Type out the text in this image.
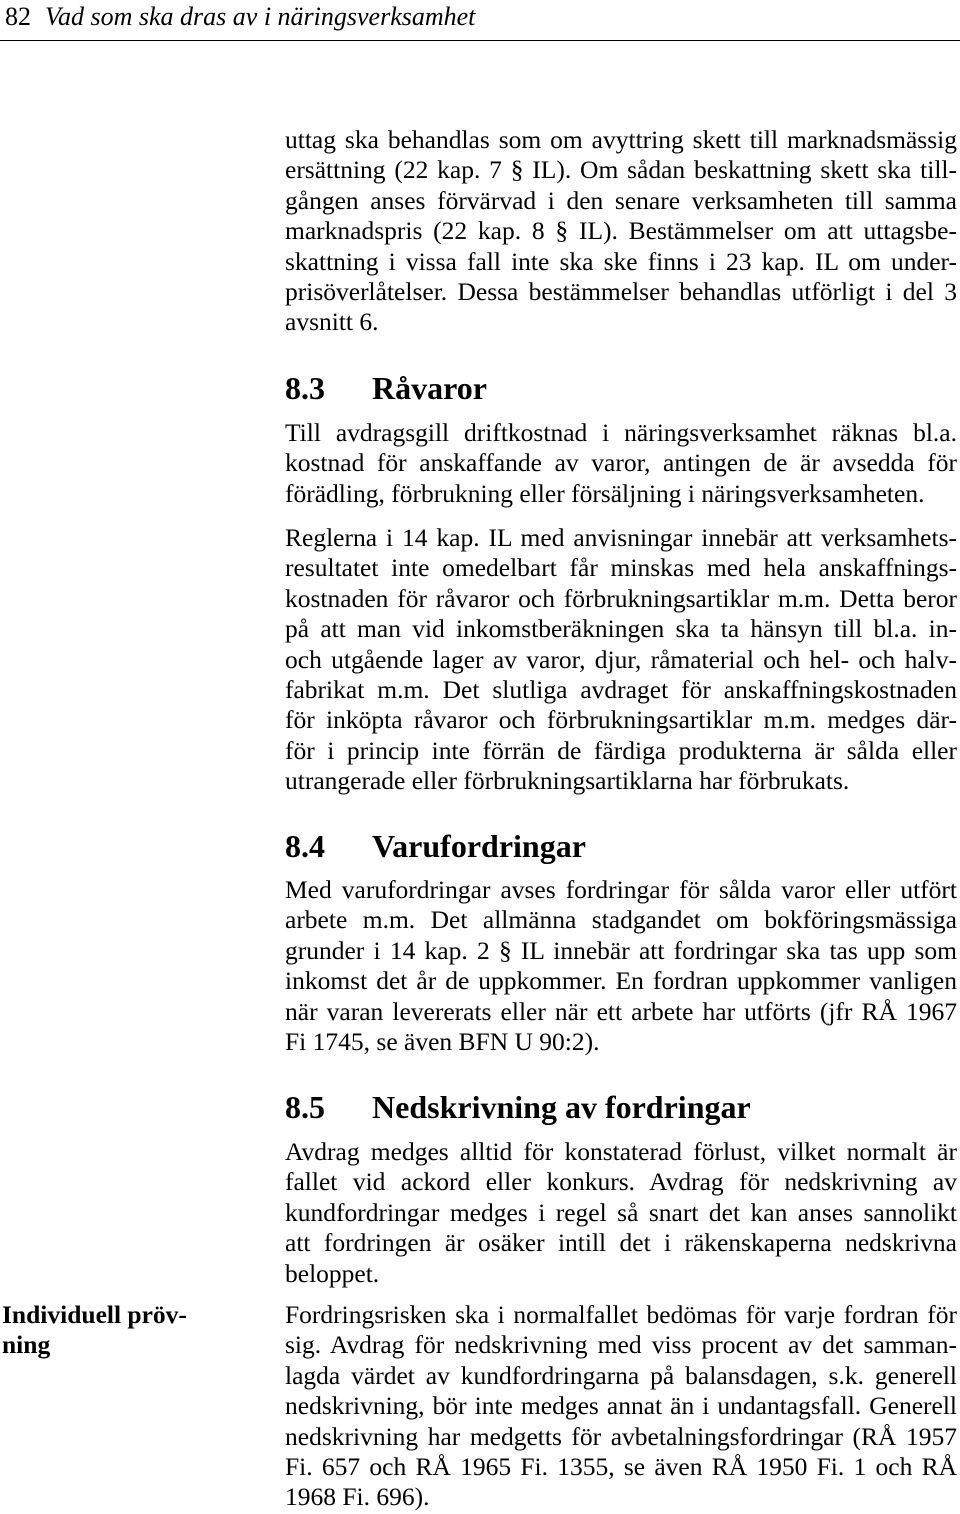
82 Vad som ska dras av i näringsverksamhet
uttag ska behandlas som om avyttring skett till marknadsmässig
ersättning (22 kap. 7 § IL). Om sådan beskattning skett ska till-
gången anses förvärvad i den senare verksamheten till samma
marknadspris (22 kap. 8 § IL). Bestämmelser om att uttagsbe-
skattning i vissa fall inte ska ske finns i 23 kap. IL om under-
prisöverlåtelser. Dessa bestämmelser behandlas utförligt i del 3
avsnitt 6.
8.3 Råvaror
Till avdragsgill driftkostnad i näringsverksamhet räknas bl.a.
kostnad för anskaffande av varor, antingen de är avsedda för
förädling, förbrukning eller försäljning i näringsverksamheten.
Reglerna i 14 kap. IL med anvisningar innebär att verksamhets-
resultatet inte omedelbart får minskas med hela anskaffnings-
kostnaden för råvaror och förbrukningsartiklar m.m. Detta beror
på att man vid inkomstberäkningen ska ta hänsyn till bl.a. in-
och utgående lager av varor, djur, råmaterial och hel- och halv-
fabrikat m.m. Det slutliga avdraget för anskaffningskostnaden
för inköpta råvaror och förbrukningsartiklar m.m. medges där-
för i princip inte förrän de färdiga produkterna är sålda eller
utrangerade eller förbrukningsartiklarna har förbrukats.
8.4 Varufordringar
Med varufordringar avses fordringar för sålda varor eller utfört
arbete m.m. Det allmänna stadgandet om bokföringsmässiga
grunder i 14 kap. 2 § IL innebär att fordringar ska tas upp som
inkomst det år de uppkommer. En fordran uppkommer vanligen
när varan levererats eller när ett arbete har utförts (jfr RÅ 1967
Fi 1745, se även BFN U 90:2).
8.5 Nedskrivning av fordringar
Avdrag medges alltid för konstaterad förlust, vilket normalt är
fallet vid ackord eller konkurs. Avdrag för nedskrivning av
kundfordringar medges i regel så snart det kan anses sannolikt
att fordringen är osäker intill det i räkenskaperna nedskrivna
beloppet.
Individuell pröv-
ning
Fordringsrisken ska i normalfallet bedömas för varje fordran för
sig. Avdrag för nedskrivning med viss procent av det samman-
lagda värdet av kundfordringarna på balansdagen, s.k. generell
nedskrivning, bör inte medges annat än i undantagsfall. Generell
nedskrivning har medgetts för avbetalningsfordringar (RÅ 1957
Fi. 657 och RÅ 1965 Fi. 1355, se även RÅ 1950 Fi. 1 och RÅ
1968 Fi. 696).
